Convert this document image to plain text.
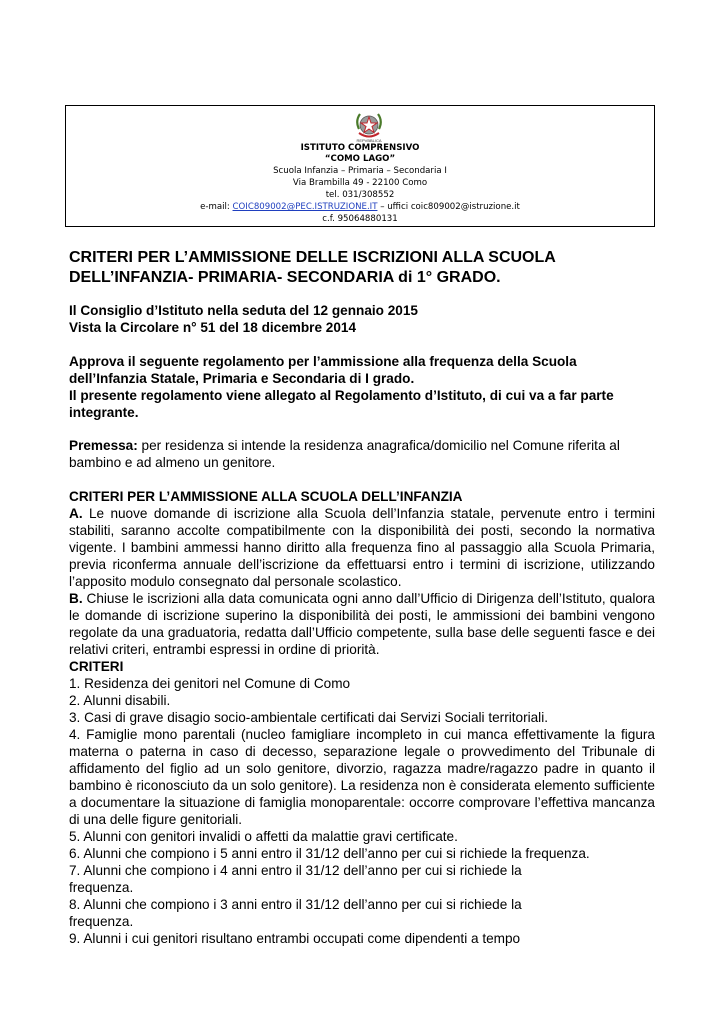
REPVBBLICA
ISTITUTO COMPRENSIVO
“COMO LAGO”
Scuola Infanzia – Primaria – Secondaria I
Via Brambilla 49 - 22100 Como
tel. 031/308552
e-mail: COIC809002@PEC.ISTRUZIONE.IT – uffici coic809002@istruzione.it
c.f. 95064880131
CRITERI PER L’AMMISSIONE DELLE ISCRIZIONI ALLA SCUOLA
DELL’INFANZIA- PRIMARIA- SECONDARIA di 1° GRADO.
Il Consiglio d’Istituto nella seduta del 12 gennaio 2015
Vista la Circolare n° 51 del 18 dicembre 2014
Approva il seguente regolamento per l’ammissione alla frequenza della Scuola
dell’Infanzia Statale, Primaria e Secondaria di I grado.
Il presente regolamento viene allegato al Regolamento d’Istituto, di cui va a far parte
integrante.
Premessa: per residenza si intende la residenza anagrafica/domicilio nel Comune riferita al bambino e ad almeno un genitore.
CRITERI PER L’AMMISSIONE ALLA SCUOLA DELL’INFANZIA
A. Le nuove domande di iscrizione alla Scuola dell’Infanzia statale, pervenute entro i termini stabiliti, saranno accolte compatibilmente con la disponibilità dei posti, secondo la normativa vigente. I bambini ammessi hanno diritto alla frequenza fino al passaggio alla Scuola Primaria, previa riconferma annuale dell’iscrizione da effettuarsi entro i termini di iscrizione, utilizzando l’apposito modulo consegnato dal personale scolastico.
B. Chiuse le iscrizioni alla data comunicata ogni anno dall’Ufficio di Dirigenza dell’Istituto, qualora le domande di iscrizione superino la disponibilità dei posti, le ammissioni dei bambini vengono regolate da una graduatoria, redatta dall’Ufficio competente, sulla base delle seguenti fasce e dei relativi criteri, entrambi espressi in ordine di priorità.
CRITERI
1. Residenza dei genitori nel Comune di Como
2. Alunni disabili.
3. Casi di grave disagio socio-ambientale certificati dai Servizi Sociali territoriali.
4. Famiglie mono parentali (nucleo famigliare incompleto in cui manca effettivamente la figura materna o paterna in caso di decesso, separazione legale o provvedimento del Tribunale di affidamento del figlio ad un solo genitore, divorzio, ragazza madre/ragazzo padre in quanto il bambino è riconosciuto da un solo genitore). La residenza non è considerata elemento sufficiente a documentare la situazione di famiglia monoparentale: occorre comprovare l’effettiva mancanza di una delle figure genitoriali.
5. Alunni con genitori invalidi o affetti da malattie gravi certificate.
6. Alunni che compiono i 5 anni entro il 31/12 dell’anno per cui si richiede la frequenza.
7. Alunni che compiono i 4 anni entro il 31/12 dell’anno per cui si richiede la frequenza.
8. Alunni che compiono i 3 anni entro il 31/12 dell’anno per cui si richiede la frequenza.
9. Alunni i cui genitori risultano entrambi occupati come dipendenti a tempo
